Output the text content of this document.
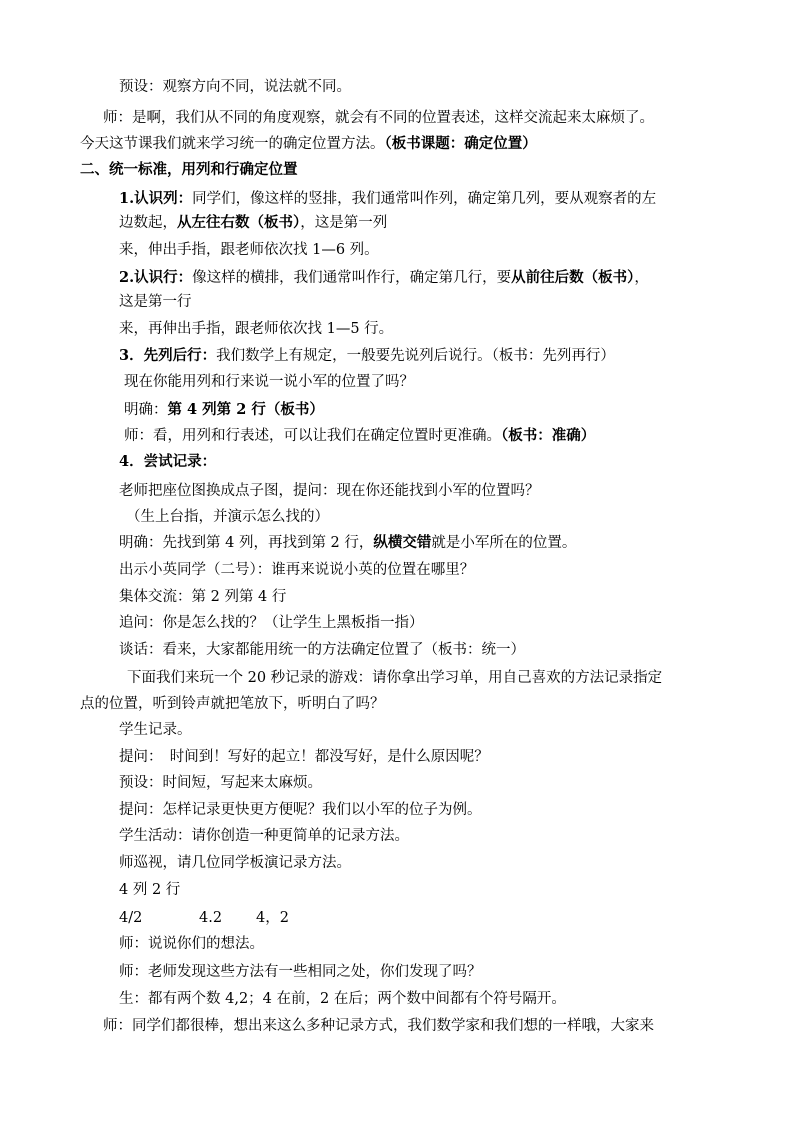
预设：观察方向不同，说法就不同。
师：是啊，我们从不同的角度观察，就会有不同的位置表述，这样交流起来太麻烦了。
今天这节课我们就来学习统一的确定位置方法。（板书课题：确定位置）
二、统一标准，用列和行确定位置
1.认识列：同学们，像这样的竖排，我们通常叫作列，确定第几列，要从观察者的左
边数起，从左往右数（板书），这是第一列
来，伸出手指，跟老师依次找 1—6 列。
2.认识行：像这样的横排，我们通常叫作行，确定第几行，要从前往后数（板书），
这是第一行
来，再伸出手指，跟老师依次找 1—5 行。
3．先列后行：我们数学上有规定，一般要先说列后说行。（板书：先列再行）
现在你能用列和行来说一说小军的位置了吗？
明确：第 4 列第 2 行（板书）
师：看，用列和行表述，可以让我们在确定位置时更准确。（板书：准确）
4．尝试记录：
老师把座位图换成点子图，提问：现在你还能找到小军的位置吗？
（生上台指，并演示怎么找的）
明确：先找到第 4 列，再找到第 2 行，纵横交错就是小军所在的位置。
出示小英同学（二号）：谁再来说说小英的位置在哪里？
集体交流：第 2 列第 4 行
追问：你是怎么找的？（让学生上黑板指一指）
谈话：看来，大家都能用统一的方法确定位置了（板书：统一）
下面我们来玩一个 20 秒记录的游戏：请你拿出学习单，用自己喜欢的方法记录指定
点的位置，听到铃声就把笔放下，听明白了吗？
学生记录。
提问：　时间到！写好的起立！都没写好，是什么原因呢？
预设：时间短，写起来太麻烦。
提问：怎样记录更快更方便呢？我们以小军的位子为例。
学生活动：请你创造一种更简单的记录方法。
师巡视，请几位同学板演记录方法。
4 列 2 行
4/2	4.2 4，2
师：说说你们的想法。
师：老师发现这些方法有一些相同之处，你们发现了吗？
生：都有两个数 4,2；4 在前，2 在后；两个数中间都有个符号隔开。
师：同学们都很棒，想出来这么多种记录方式，我们数学家和我们想的一样哦，大家来
